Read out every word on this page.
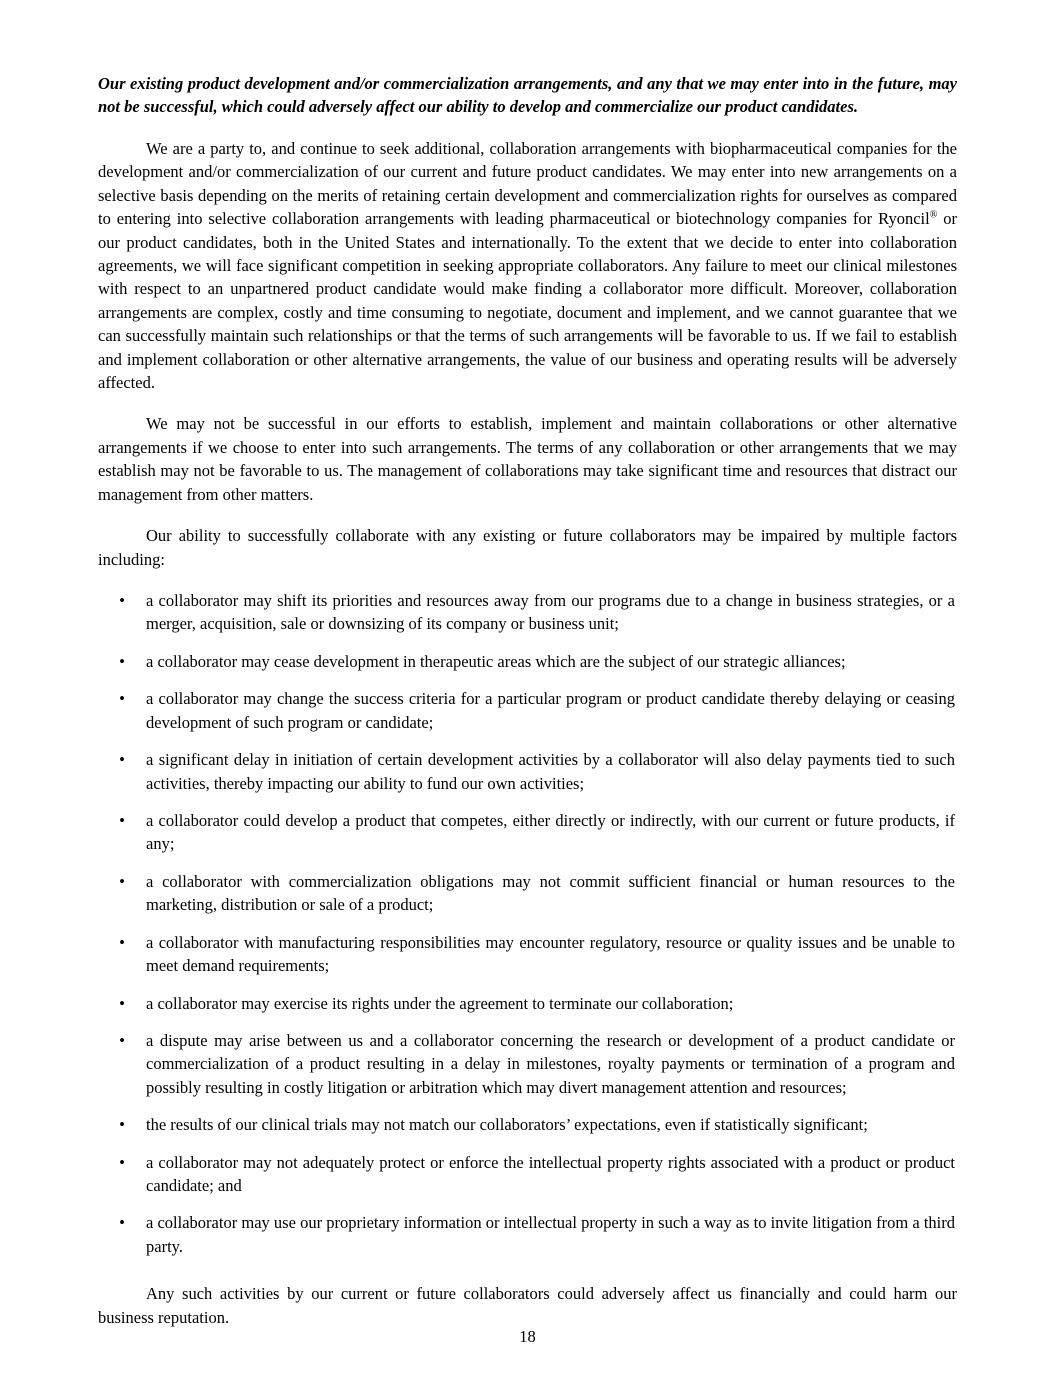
Our existing product development and/or commercialization arrangements, and any that we may enter into in the future, may not be successful, which could adversely affect our ability to develop and commercialize our product candidates.

We are a party to, and continue to seek additional, collaboration arrangements with biopharmaceutical companies for the development and/or commercialization of our current and future product candidates. We may enter into new arrangements on a selective basis depending on the merits of retaining certain development and commercialization rights for ourselves as compared to entering into selective collaboration arrangements with leading pharmaceutical or biotechnology companies for Ryoncil® or our product candidates, both in the United States and internationally. To the extent that we decide to enter into collaboration agreements, we will face significant competition in seeking appropriate collaborators. Any failure to meet our clinical milestones with respect to an unpartnered product candidate would make finding a collaborator more difficult. Moreover, collaboration arrangements are complex, costly and time consuming to negotiate, document and implement, and we cannot guarantee that we can successfully maintain such relationships or that the terms of such arrangements will be favorable to us. If we fail to establish and implement collaboration or other alternative arrangements, the value of our business and operating results will be adversely affected.

We may not be successful in our efforts to establish, implement and maintain collaborations or other alternative arrangements if we choose to enter into such arrangements. The terms of any collaboration or other arrangements that we may establish may not be favorable to us. The management of collaborations may take significant time and resources that distract our management from other matters.

Our ability to successfully collaborate with any existing or future collaborators may be impaired by multiple factors including:

•	a collaborator may shift its priorities and resources away from our programs due to a change in business strategies, or a merger, acquisition, sale or downsizing of its company or business unit;
•	a collaborator may cease development in therapeutic areas which are the subject of our strategic alliances;
•	a collaborator may change the success criteria for a particular program or product candidate thereby delaying or ceasing development of such program or candidate;
•	a significant delay in initiation of certain development activities by a collaborator will also delay payments tied to such activities, thereby impacting our ability to fund our own activities;
•	a collaborator could develop a product that competes, either directly or indirectly, with our current or future products, if any;
•	a collaborator with commercialization obligations may not commit sufficient financial or human resources to the marketing, distribution or sale of a product;
•	a collaborator with manufacturing responsibilities may encounter regulatory, resource or quality issues and be unable to meet demand requirements;
•	a collaborator may exercise its rights under the agreement to terminate our collaboration;
•	a dispute may arise between us and a collaborator concerning the research or development of a product candidate or commercialization of a product resulting in a delay in milestones, royalty payments or termination of a program and possibly resulting in costly litigation or arbitration which may divert management attention and resources;
•	the results of our clinical trials may not match our collaborators’ expectations, even if statistically significant;
•	a collaborator may not adequately protect or enforce the intellectual property rights associated with a product or product candidate; and
•	a collaborator may use our proprietary information or intellectual property in such a way as to invite litigation from a third party.

Any such activities by our current or future collaborators could adversely affect us financially and could harm our business reputation.

18
